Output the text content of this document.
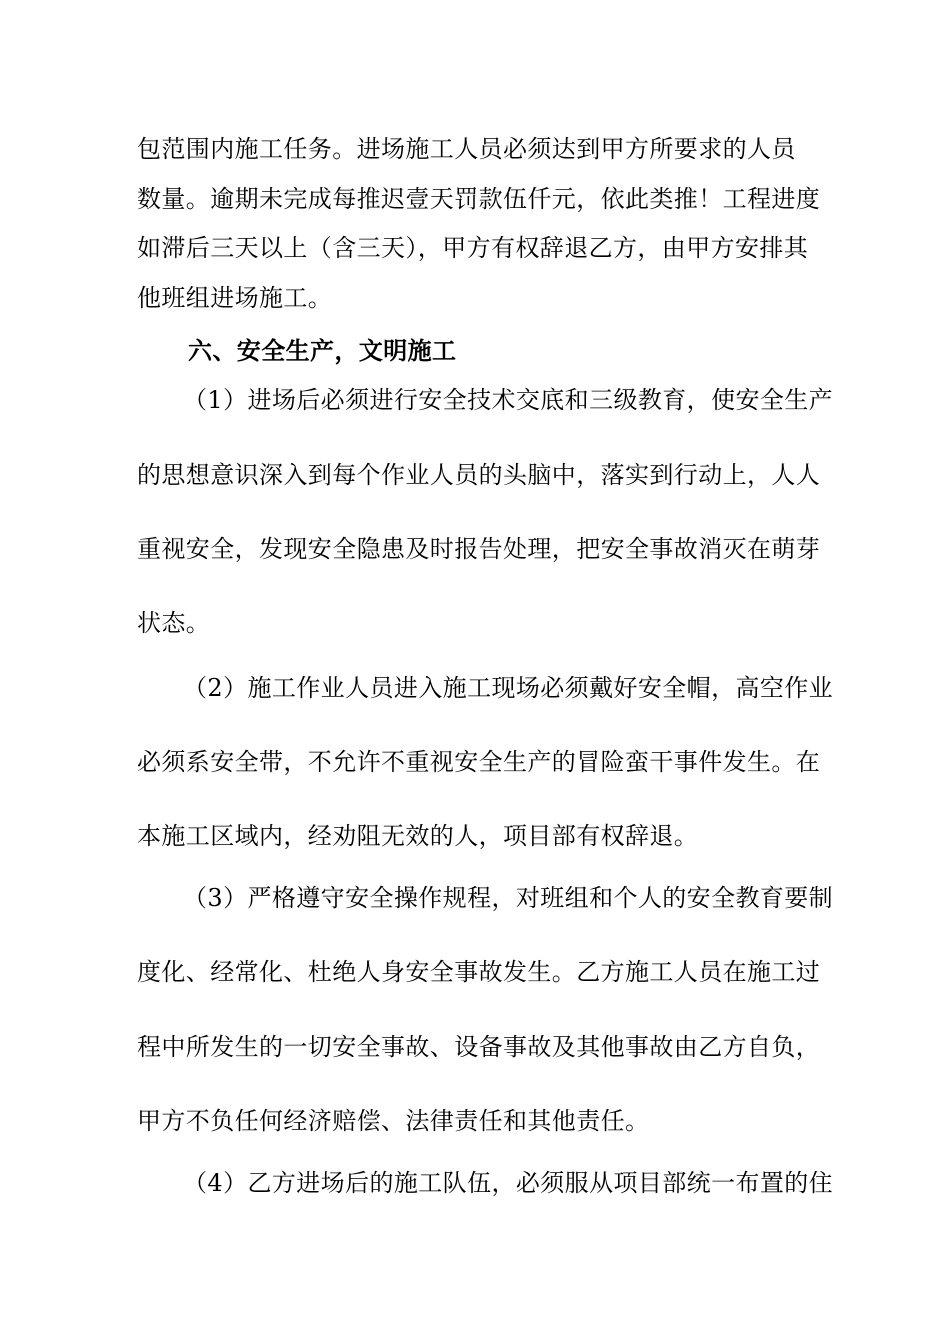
包范围内施工任务。进场施工人员必须达到甲方所要求的人员
数量。逾期未完成每推迟壹天罚款伍仟元，依此类推！工程进度
如滞后三天以上（含三天），甲方有权辞退乙方，由甲方安排其
他班组进场施工。
六、安全生产，文明施工
（1）进场后必须进行安全技术交底和三级教育，使安全生产
的思想意识深入到每个作业人员的头脑中，落实到行动上，人人
重视安全，发现安全隐患及时报告处理，把安全事故消灭在萌芽
状态。
（2）施工作业人员进入施工现场必须戴好安全帽，高空作业
必须系安全带，不允许不重视安全生产的冒险蛮干事件发生。在
本施工区域内，经劝阻无效的人，项目部有权辞退。
（3）严格遵守安全操作规程，对班组和个人的安全教育要制
度化、经常化、杜绝人身安全事故发生。乙方施工人员在施工过
程中所发生的一切安全事故、设备事故及其他事故由乙方自负，
甲方不负任何经济赔偿、法律责任和其他责任。
（4）乙方进场后的施工队伍，必须服从项目部统一布置的住
